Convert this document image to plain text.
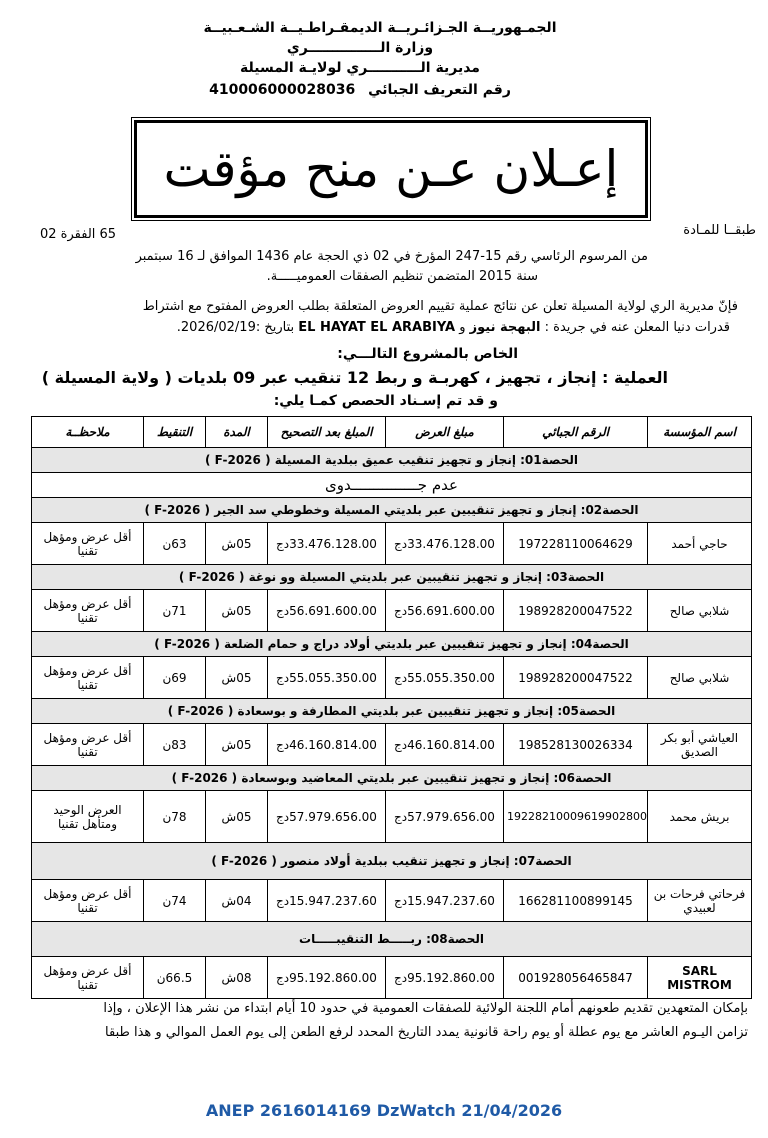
الجمـهوريــة الجـزائـريــة الديمقـراطـيــة الشـعـبيــة
وزارة الـــــــــــــــري
مديرية الـــــــــــري لولايـة المسيلة
رقم التعريف الجبائي 410006000028036
إعـلان عـن منح مؤقت
طبقــا للمـادة
65 الفقرة 02
من المرسوم الرئاسي رقم 15-247 المؤرخ في 02 ذي الحجة عام 1436 الموافق لـ 16 سبتمبر
سنة 2015 المتضمن تنظيم الصفقات العموميـــــة.
فإنّ مديرية الري لولاية المسيلة تعلن عن نتائج عملية تقييم العروض المتعلقة بطلب العروض المفتوح مع اشتراط
قدرات دنيا المعلن عنه في جريدة : البهجة نيوز و EL HAYAT EL ARABIYA بتاريخ :2026/02/19.
الخاص بالمشروع التالـــي:
العملية : إنجاز ، تجهيز ، كهربـة و ربط 12 تنقيب عبر 09 بلديات ( ولاية المسيلة )
و قد تم إسـناد الحصص كمـا يلي:
اسم المؤسسة	الرقم الجبائي	مبلغ العرض	المبلغ بعد التصحيح	المدة	التنقيط	ملاحظــة
الحصة01: إنجاز و تجهيز تنقيب عميق ببلدية المسيلة ( F-2026 )						
عدم جـــــــــــــــدوى						
الحصة02: إنجاز و تجهيز تنقيبين عبر بلديتي المسيلة وخطوطي سد الجير ( F-2026 )						
حاجي أحمد	197228110064629	33.476.128.00دج	33.476.128.00دج	05ش	63ن	أقل عرض ومؤهل تقنيا
الحصة03: إنجاز و تجهيز تنقيبين عبر بلديتي المسيلة وو نوغة ( F-2026 )						
شلابي صالح	198928200047522	56.691.600.00دج	56.691.600.00دج	05ش	71ن	أقل عرض ومؤهل تقنيا
الحصة04: إنجاز و تجهيز تنقيبين عبر بلديتي أولاد دراج و حمام الضلعة ( F-2026 )						
شلابي صالح	198928200047522	55.055.350.00دج	55.055.350.00دج	05ش	69ن	أقل عرض ومؤهل تقنيا
الحصة05: إنجاز و تجهيز تنقيبين عبر بلديتي المطارفة و بوسعادة ( F-2026 )						
العياشي أبو بكر الصديق	198528130026334	46.160.814.00دج	46.160.814.00دج	05ش	83ن	أقل عرض ومؤهل تقنيا
الحصة06: إنجاز و تجهيز تنقيبين عبر بلديتي المعاضيد وبوسعادة ( F-2026 )						
بريش محمد	19228210009619902800	57.979.656.00دج	57.979.656.00دج	05ش	78ن	العرض الوحيد ومتأهل تقنيا
الحصة07: إنجاز و تجهيز تنقيب ببلدية أولاد منصور ( F-2026 )						
فرحاتي فرحات بن لعبيدي	166281100899145	15.947.237.60دج	15.947.237.60دج	04ش	74ن	أقل عرض ومؤهل تقنيا
الحصة08: ربـــــط التنقيبـــــات						
SARL MISTROM	001928056465847	95.192.860.00دج	95.192.860.00دج	08ش	66.5ن	أقل عرض ومؤهل تقنيا
بإمكان المتعهدين تقديم طعونهم أمام اللجنة الولائية للصفقات العمومية في حدود 10 أيام ابتداء من نشر هذا الإعلان ، وإذا
تزامن اليـوم العاشر مع يوم عطلة أو يوم راحة قانونية يمدد التاريخ المحدد لرفع الطعن إلى يوم العمل الموالي و هذا طبقا
ANEP 2616014169 DzWatch 21/04/2026
